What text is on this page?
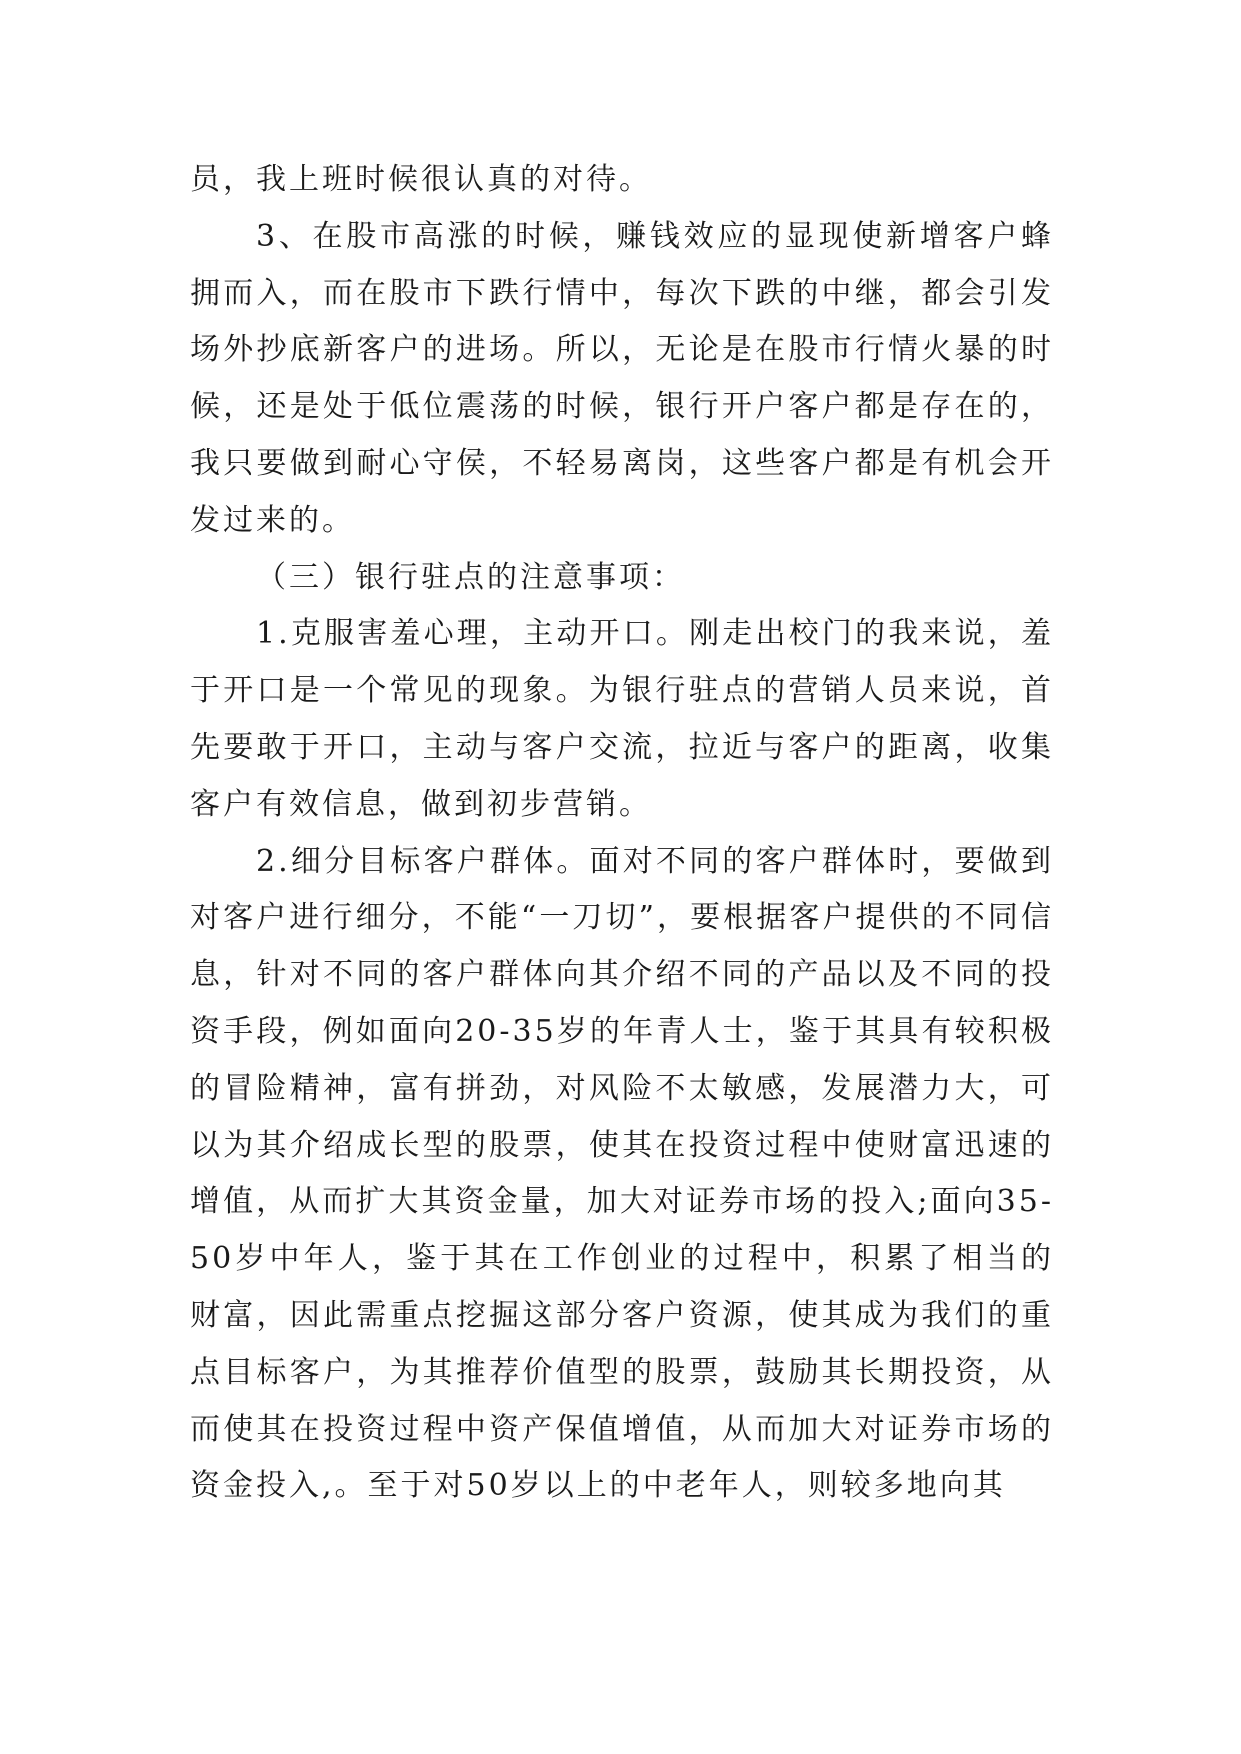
员，我上班时候很认真的对待。

3、在股市高涨的时候，赚钱效应的显现使新增客户蜂拥而入，而在股市下跌行情中，每次下跌的中继，都会引发场外抄底新客户的进场。所以，无论是在股市行情火暴的时候，还是处于低位震荡的时候，银行开户客户都是存在的，我只要做到耐心守侯，不轻易离岗，这些客户都是有机会开发过来的。

（三）银行驻点的注意事项：

1.克服害羞心理，主动开口。刚走出校门的我来说，羞于开口是一个常见的现象。为银行驻点的营销人员来说，首先要敢于开口，主动与客户交流，拉近与客户的距离，收集客户有效信息，做到初步营销。

2.细分目标客户群体。面对不同的客户群体时，要做到对客户进行细分，不能“一刀切”，要根据客户提供的不同信息，针对不同的客户群体向其介绍不同的产品以及不同的投资手段，例如面向20-35岁的年青人士，鉴于其具有较积极的冒险精神，富有拼劲，对风险不太敏感，发展潜力大，可以为其介绍成长型的股票，使其在投资过程中使财富迅速的增值，从而扩大其资金量，加大对证券市场的投入;面向35-50岁中年人，鉴于其在工作创业的过程中，积累了相当的财富，因此需重点挖掘这部分客户资源，使其成为我们的重点目标客户，为其推荐价值型的股票，鼓励其长期投资，从而使其在投资过程中资产保值增值，从而加大对证券市场的资金投入,。至于对50岁以上的中老年人，则较多地向其
